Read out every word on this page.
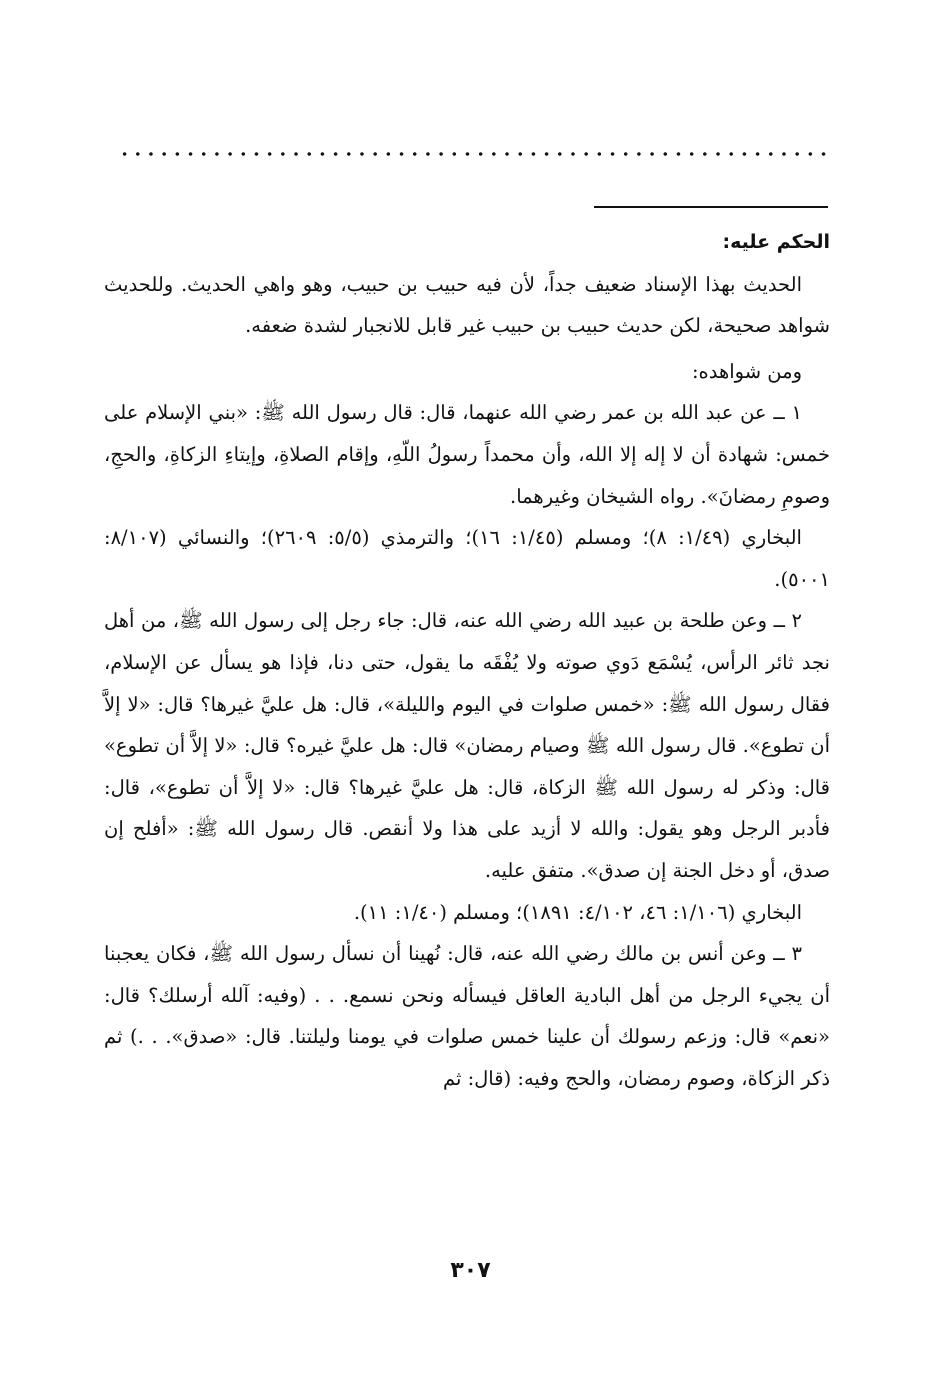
الحكم عليه:

الحديث بهذا الإسناد ضعيف جداً، لأن فيه حبيب بن حبيب، وهو واهي الحديث. وللحديث شواهد صحيحة، لكن حديث حبيب بن حبيب غير قابل للانجبار لشدة ضعفه.

ومن شواهده:

١ ــ عن عبد الله بن عمر رضي الله عنهما، قال: قال رسول الله ﷺ: «بني الإسلام على خمس: شهادة أن لا إله إلا الله، وأن محمداً رسولُ اللّهِ، وإقام الصلاةِ، وإيتاءِ الزكاةِ، والحجِ، وصومِ رمضانَ». رواه الشيخان وغيرهما.

البخاري (١/٤٩: ٨)؛ ومسلم (١/٤٥: ١٦)؛ والترمذي (٥/٥: ٢٦٠٩)؛ والنسائي (٨/١٠٧: ٥٠٠١).

٢ ــ وعن طلحة بن عبيد الله رضي الله عنه، قال: جاء رجل إلى رسول الله ﷺ، من أهل نجد ثائر الرأس، يُسْمَع دَوي صوته ولا يُفْقَه ما يقول، حتى دنا، فإذا هو يسأل عن الإسلام، فقال رسول الله ﷺ: «خمس صلوات في اليوم والليلة»، قال: هل عليَّ غيرها؟ قال: «لا إلاَّ أن تطوع». قال رسول الله ﷺ وصيام رمضان» قال: هل عليَّ غيره؟ قال: «لا إلاَّ أن تطوع» قال: وذكر له رسول الله ﷺ الزكاة، قال: هل عليَّ غيرها؟ قال: «لا إلاَّ أن تطوع»، قال: فأدبر الرجل وهو يقول: والله لا أزيد على هذا ولا أنقص. قال رسول الله ﷺ: «أفلح إن صدق، أو دخل الجنة إن صدق». متفق عليه.

البخاري (١/١٠٦: ٤٦، ٤/١٠٢: ١٨٩١)؛ ومسلم (١/٤٠: ١١).

٣ ــ وعن أنس بن مالك رضي الله عنه، قال: نُهينا أن نسأل رسول الله ﷺ، فكان يعجبنا أن يجيء الرجل من أهل البادية العاقل فيسأله ونحن نسمع. . . (وفيه: آلله أرسلك؟ قال: «نعم» قال: وزعم رسولك أن علينا خمس صلوات في يومنا وليلتنا. قال: «صدق». . .) ثم ذكر الزكاة، وصوم رمضان، والحج وفيه: (قال: ثم

٣٠٧
